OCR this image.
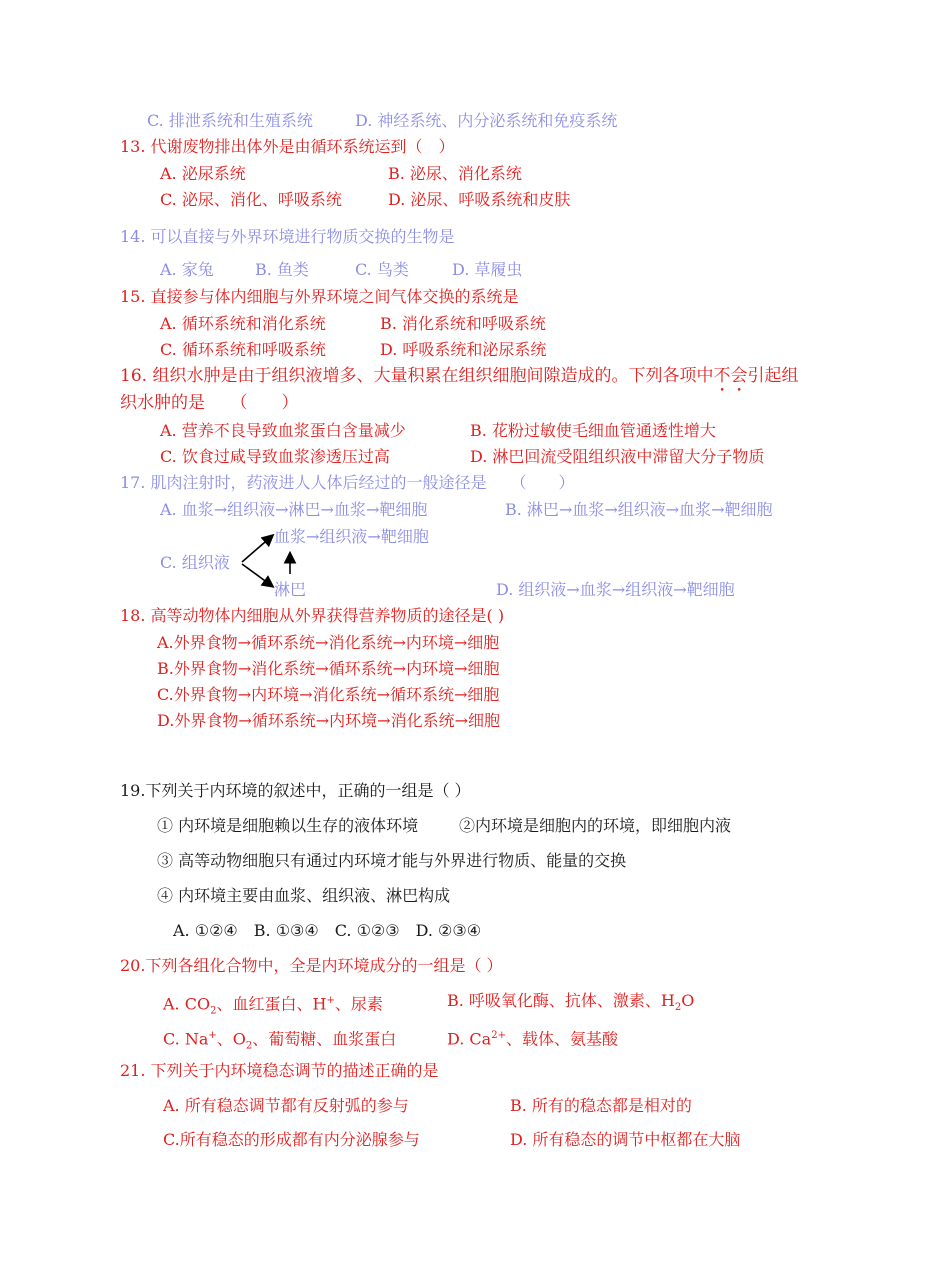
C. 排泄系统和生殖系统	D. 神经系统、内分泌系统和免疫系统
13. 代谢废物排出体外是由循环系统运到（　）
A. 泌尿系统	B. 泌尿、消化系统
C. 泌尿、消化、呼吸系统	D. 泌尿、呼吸系统和皮肤
14. 可以直接与外界环境进行物质交换的生物是
A. 家兔	B. 鱼类	C. 鸟类	D. 草履虫
15. 直接参与体内细胞与外界环境之间气体交换的系统是
A. 循环系统和消化系统	B. 消化系统和呼吸系统
C. 循环系统和呼吸系统	D. 呼吸系统和泌尿系统
16. 组织水肿是由于组织液增多、大量积累在组织细胞间隙造成的。下列各项中不会引起组
织水肿的是　　（　　）
A. 营养不良导致血浆蛋白含量减少	B. 花粉过敏使毛细血管通透性增大
C. 饮食过咸导致血浆渗透压过高	D. 淋巴回流受阻组织液中滞留大分子物质
17. 肌肉注射时，药液进人人体后经过的一般途径是　　（　　）
A. 血浆→组织液→淋巴→血浆→靶细胞	B. 淋巴→血浆→组织液→血浆→靶细胞
血浆→组织液→靶细胞
C. 组织液
淋巴	D. 组织液→血浆→组织液→靶细胞
18. 高等动物体内细胞从外界获得营养物质的途径是( )
A.外界食物→循环系统→消化系统→内环境→细胞
B.外界食物→消化系统→循环系统→内环境→细胞
C.外界食物→内环境→消化系统→循环系统→细胞
D.外界食物→循环系统→内环境→消化系统→细胞
19.下列关于内环境的叙述中，正确的一组是（ ）
① 内环境是细胞赖以生存的液体环境	②内环境是细胞内的环境，即细胞内液
③ 高等动物细胞只有通过内环境才能与外界进行物质、能量的交换
④ 内环境主要由血浆、组织液、淋巴构成
A. ①②④　B. ①③④　C. ①②③　D. ②③④
20.下列各组化合物中，全是内环境成分的一组是（ ）
A. $CO_2$、血红蛋白、H+、尿素	B. 呼吸氧化酶、抗体、激素、$H_2O$
C. Na+、$O_2$、葡萄糖、血浆蛋白	D. $Ca^{2+}$、载体、氨基酸
21. 下列关于内环境稳态调节的描述正确的是
A. 所有稳态调节都有反射弧的参与	B. 所有的稳态都是相对的
C.所有稳态的形成都有内分泌腺参与	D. 所有稳态的调节中枢都在大脑
